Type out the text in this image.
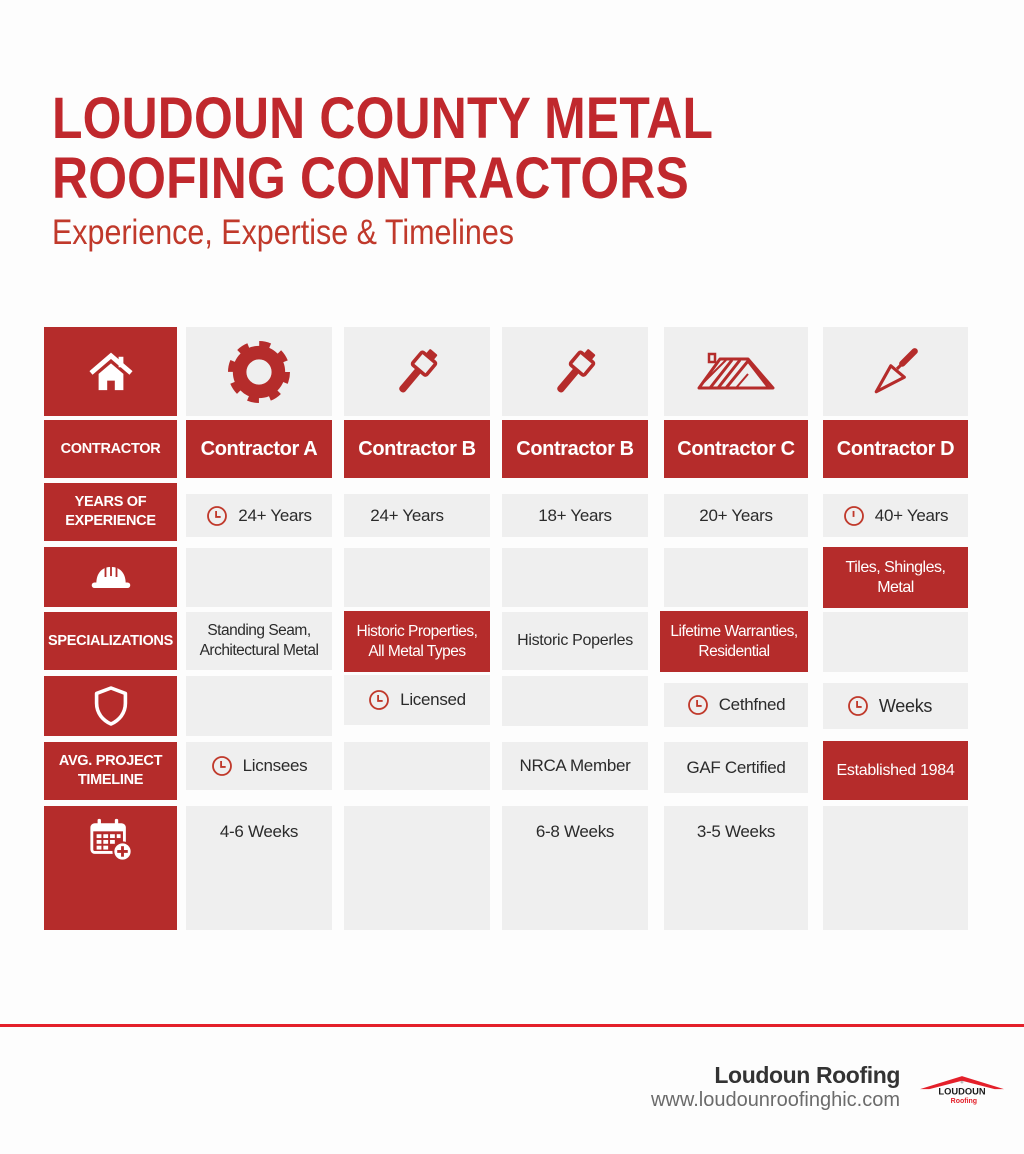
LOUDOUN COUNTY METAL
ROOFING CONTRACTORS
Experience, Expertise & Timelines
CONTRACTOR
YEARS OF
EXPERIENCE
SPECIALIZATIONS
AVG. PROJECT
TIMELINE
Contractor A
24+ Years
Standing Seam,
Architectural Metal
Licnsees
4-6 Weeks
Contractor B
24+ Years
Historic Properties,
All Metal Types
Licensed
Contractor B
18+ Years
Historic Poperles
NRCA Member
6-8 Weeks
Contractor C
20+ Years
Lifetime Warranties,
Residential
Cethfned
GAF Certified
3-5 Weeks
Contractor D
40+ Years
Tiles, Shingles,
Metal
Weeks
Established 1984
Loudoun Roofing
www.loudounroofinghic.com
®
LOUDOUN
Roofing
